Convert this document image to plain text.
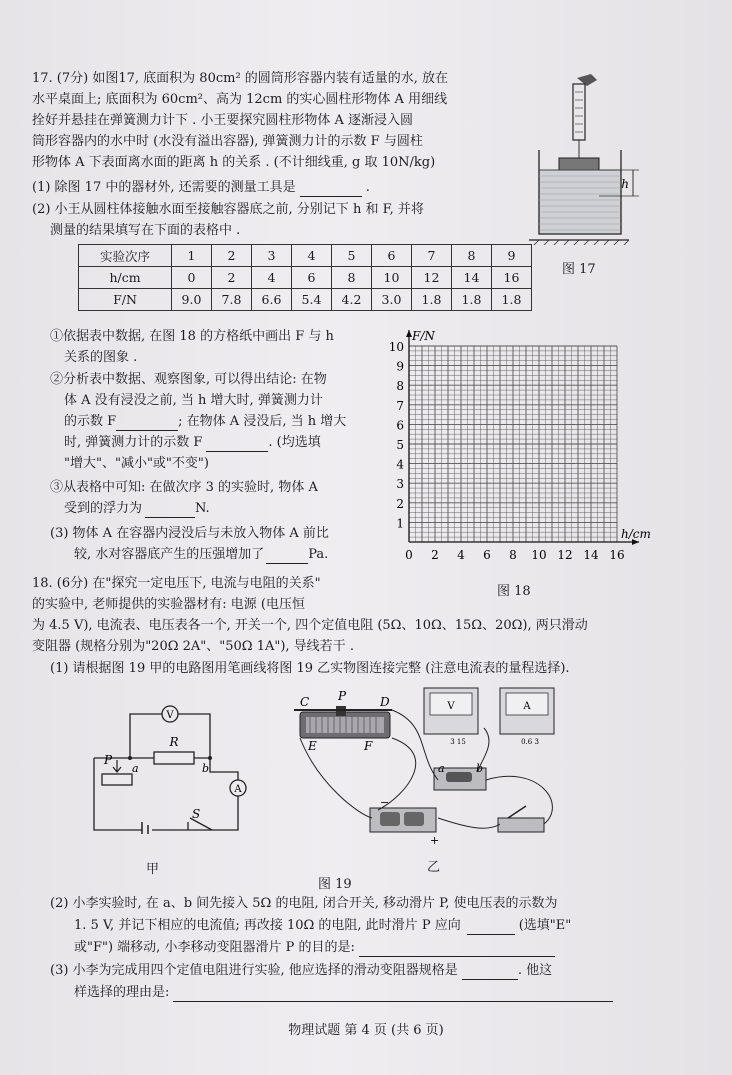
17. (7分) 如图17, 底面积为 80cm² 的圆筒形容器内装有适量的水, 放在
水平桌面上; 底面积为 60cm²、高为 12cm 的实心圆柱形物体 A 用细线
拴好并悬挂在弹簧测力计下 . 小王要探究圆柱形物体 A 逐渐浸入圆
筒形容器内的水中时 (水没有溢出容器), 弹簧测力计的示数 F 与圆柱
形物体 A 下表面离水面的距离 h 的关系 . (不计细线重, g 取 10N/kg)
(1) 除图 17 中的器材外, 还需要的测量工具是	.
(2) 小王从圆柱体接触水面至接触容器底之前, 分别记下 h 和 F, 并将
测量的结果填写在下面的表格中 .
实验次序	1	2	3	4	5	6	7	8	9
h/cm	0	2	4	6	8	10	12	14	16
F/N	9.0	7.8	6.6	5.4	4.2	3.0	1.8	1.8	1.8
①依据表中数据, 在图 18 的方格纸中画出 F 与 h
关系的图象 .
②分析表中数据、观察图象, 可以得出结论: 在物
体 A 没有浸没之前, 当 h 增大时, 弹簧测力计
的示数 F	; 在物体 A 浸没后, 当 h 增大
时, 弹簧测力计的示数 F	. (均选填
"增大"、"减小"或"不变")
③从表格中可知: 在做次序 3 的实验时, 物体 A
受到的浮力为	N.
(3) 物体 A 在容器内浸没后与未放入物体 A 前比
较, 水对容器底产生的压强增加了	Pa.
h
图 17
1
2
3
4
5
6
7
8
9
10
0 2 4 6 8 10 12 14 16
F/N
h/cm
图 18
18. (6分) 在"探究一定电压下, 电流与电阻的关系"
的实验中, 老师提供的实验器材有: 电源 (电压恒
为 4.5 V), 电流表、电压表各一个, 开关一个, 四个定值电阻 (5Ω、10Ω、15Ω、20Ω), 两只滑动
变阻器 (规格分别为"20Ω 2A"、"50Ω 1A"), 导线若干 .
(1) 请根据图 19 甲的电路图用笔画线将图 19 乙实物图连接完整 (注意电流表的量程选择).
V
R
P
a	b
A
S
甲
C P	D
E	F
V
3 15
A
0.6 3
a	b
−
+
乙
图 19
(2) 小李实验时, 在 a、b 间先接入 5Ω 的电阻, 闭合开关, 移动滑片 P, 使电压表的示数为
1. 5 V, 并记下相应的电流值; 再改接 10Ω 的电阻, 此时滑片 P 应向	(选填"E"
或"F") 端移动, 小李移动变阻器滑片 P 的目的是:
(3) 小李为完成用四个定值电阻进行实验, 他应选择的滑动变阻器规格是	. 他这
样选择的理由是:
物理试题 第 4 页 (共 6 页)
